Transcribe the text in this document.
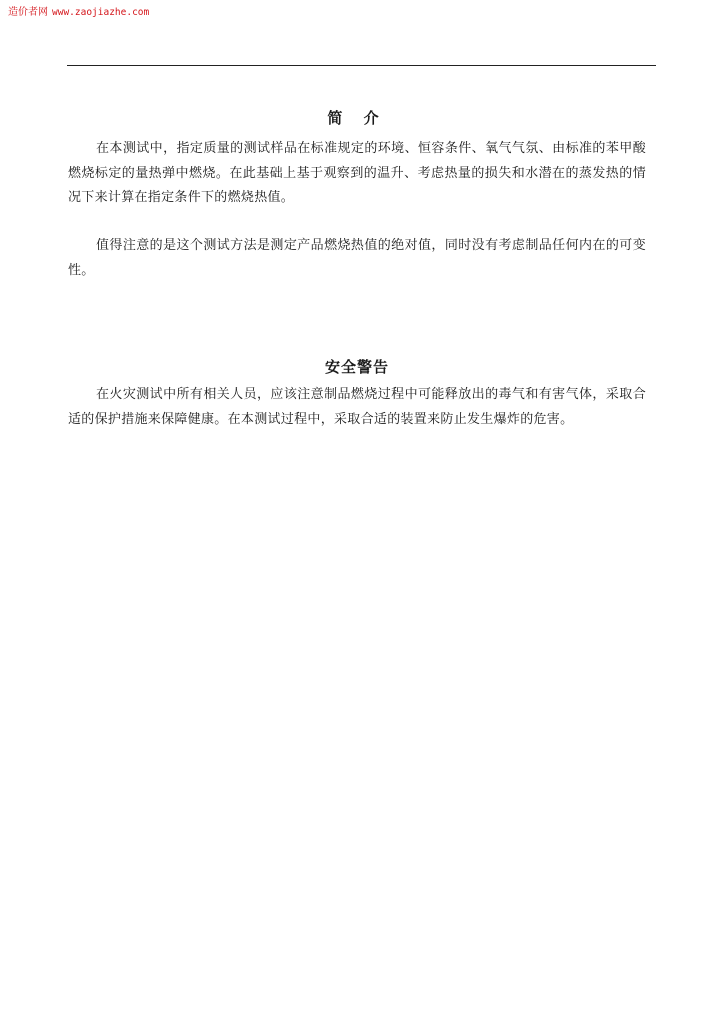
造价者网 www.zaojiazhe.com
简 介

在本测试中，指定质量的测试样品在标准规定的环境、恒容条件、氧气气氛、由标准的苯甲酸燃烧标定的量热弹中燃烧。在此基础上基于观察到的温升、考虑热量的损失和水潜在的蒸发热的情况下来计算在指定条件下的燃烧热值。

值得注意的是这个测试方法是测定产品燃烧热值的绝对值，同时没有考虑制品任何内在的可变性。

安全警告

在火灾测试中所有相关人员，应该注意制品燃烧过程中可能释放出的毒气和有害气体，采取合适的保护措施来保障健康。在本测试过程中，采取合适的装置来防止发生爆炸的危害。
